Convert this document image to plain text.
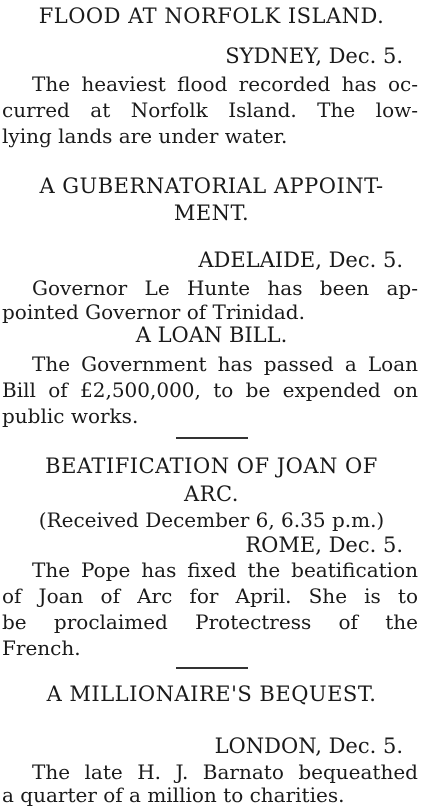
FLOOD AT NORFOLK ISLAND.
SYDNEY, Dec. 5.
The heaviest flood recorded has oc-
curred at Norfolk Island. The low-
lying lands are under water.
A GUBERNATORIAL APPOINT-
MENT.
ADELAIDE, Dec. 5.
Governor Le Hunte has been ap-
pointed Governor of Trinidad.
A LOAN BILL.
The Government has passed a Loan
Bill of £2,500,000, to be expended on
public works.
BEATIFICATION OF JOAN OF
ARC.
(Received December 6, 6.35 p.m.)
ROME, Dec. 5.
The Pope has fixed the beatification
of Joan of Arc for April. She is to
be proclaimed Protectress of the
French.
A MILLIONAIRE'S BEQUEST.
LONDON, Dec. 5.
The late H. J. Barnato bequeathed
a quarter of a million to charities.
